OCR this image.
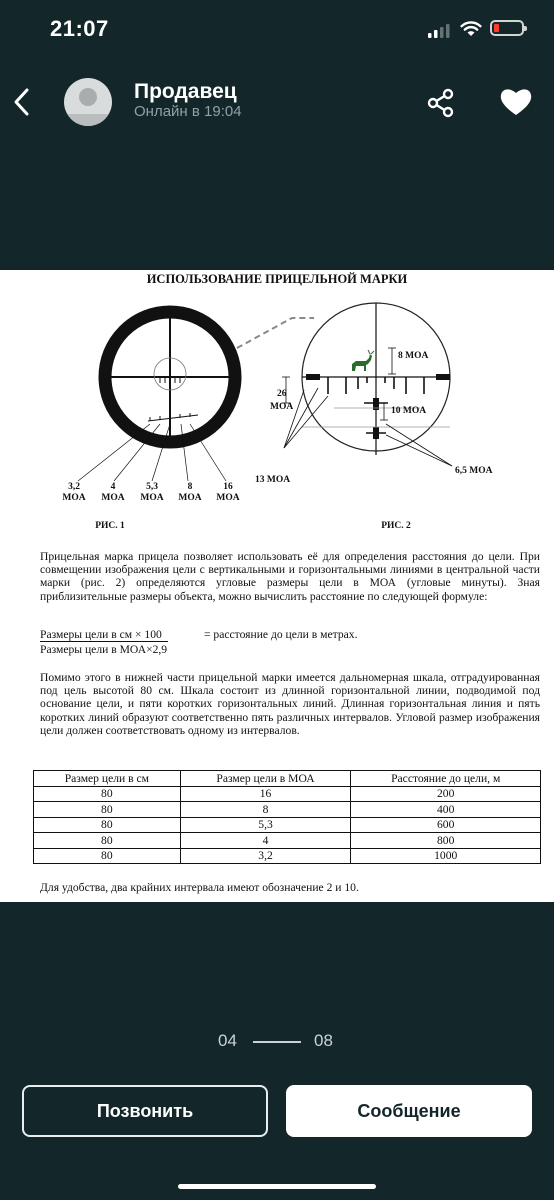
21:07
Продавец
Онлайн в 19:04
ИСПОЛЬЗОВАНИЕ ПРИЦЕЛЬНОЙ МАРКИ
3,2
MOA
4
MOA
5,3
MOA
8
MOA
16
MOA
РИС. 1	РИС. 2
8 MOA
26
MOA	10 MOA
13 MOA
6,5 MOA
Прицельная марка прицела позволяет использовать её для определения расстояния до цели. При совмещении изображения цели с вертикальными и горизонтальными линиями в центральной части марки (рис. 2) определяются угловые размеры цели в МОА (угловые минуты). Зная приблизительные размеры объекта, можно вычислить расстояние по следующей формуле:
Размеры цели в см × 100	= расстояние до цели в метрах.
Размеры цели в МОА×2,9
Помимо этого в нижней части прицельной марки имеется дальномерная шкала, отградуированная под цель высотой 80 см. Шкала состоит из длинной горизонтальной линии, подводимой под основание цели, и пяти коротких горизонтальных линий. Длинная горизонтальная линия и пять коротких линий образуют соответственно пять различных интервалов. Угловой размер изображения цели должен соответствовать одному из интервалов.
Размер цели в см	Размер цели в МОА	Расстояние до цели, м
80	16	200
80	8	400
80	5,3	600
80	4	800
80	3,2	1000
Для удобства, два крайних интервала имеют обозначение 2 и 10.
04	08
Позвонить	Сообщение
